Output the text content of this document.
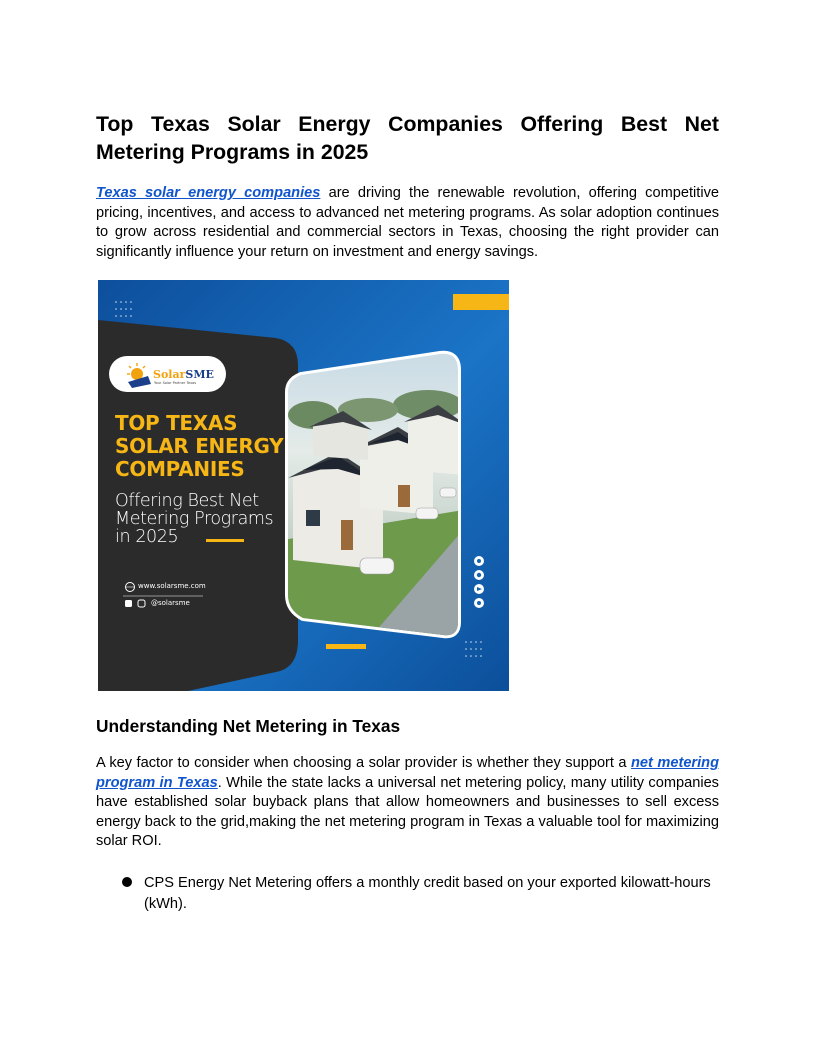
Top Texas Solar Energy Companies Offering Best Net Metering Programs in 2025

Texas solar energy companies are driving the renewable revolution, offering competitive pricing, incentives, and access to advanced net metering programs. As solar adoption continues to grow across residential and commercial sectors in Texas, choosing the right provider can significantly influence your return on investment and energy savings.

SolarSME
Your Solar Partner Texas
TOP TEXAS
SOLAR ENERGY
COMPANIES
Offering Best Net
Metering Programs
in 2025
www.solarsme.com
@solarsme
Understanding Net Metering in Texas

A key factor to consider when choosing a solar provider is whether they support a net metering program in Texas. While the state lacks a universal net metering policy, many utility companies have established solar buyback plans that allow homeowners and businesses to sell excess energy back to the grid,making the net metering program in Texas a valuable tool for maximizing solar ROI.

CPS Energy Net Metering offers a monthly credit based on your exported kilowatt-hours (kWh).
